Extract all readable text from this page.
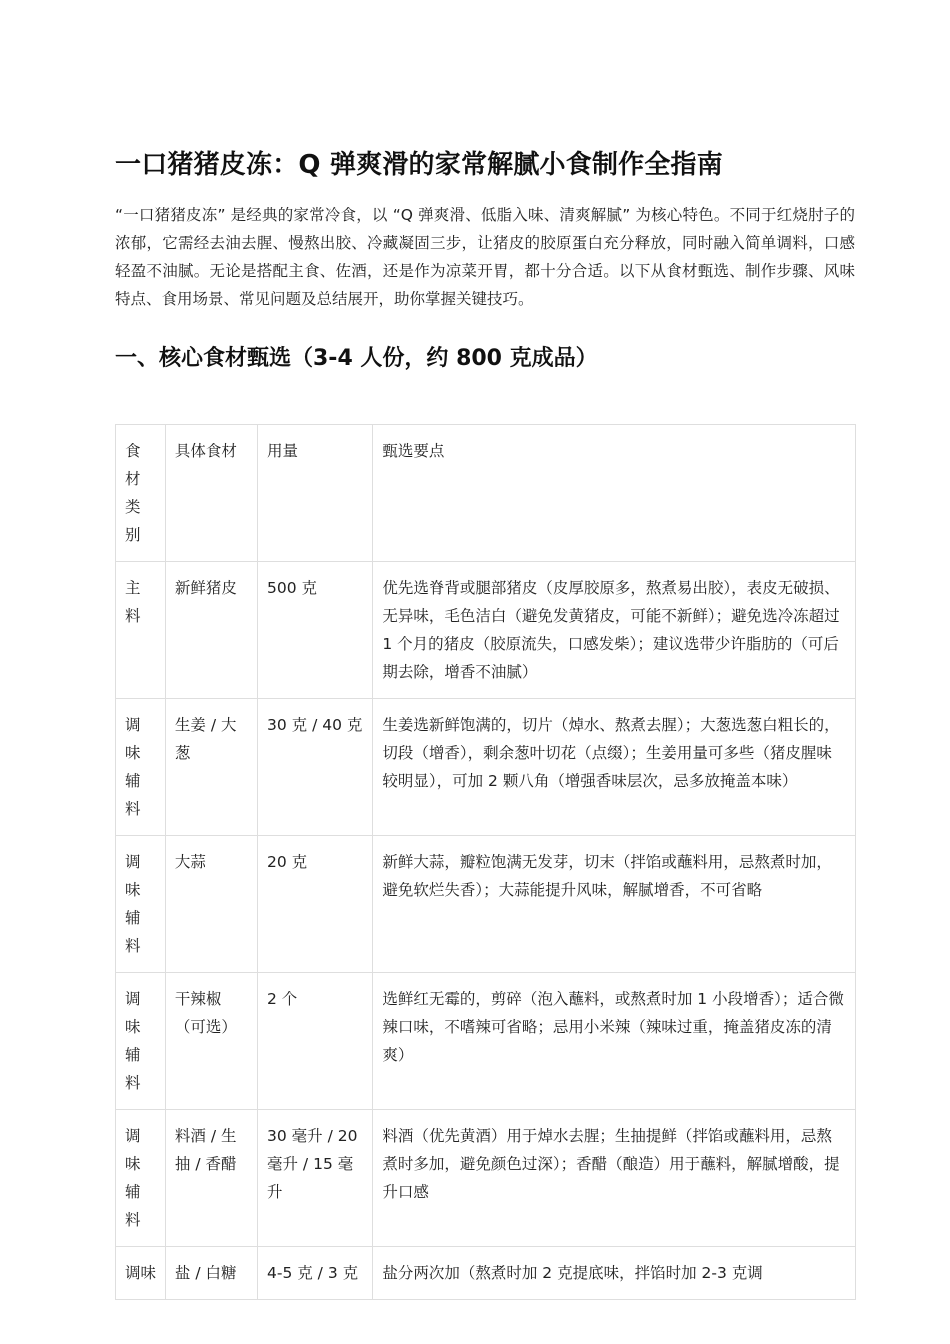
一口猪猪皮冻：Q 弹爽滑的家常解腻小食制作全指南

“一口猪猪皮冻” 是经典的家常冷食，以 “Q 弹爽滑、低脂入味、清爽解腻” 为核心特色。不同于红烧肘子的浓郁，它需经去油去腥、慢熬出胶、冷藏凝固三步，让猪皮的胶原蛋白充分释放，同时融入简单调料，口感轻盈不油腻。无论是搭配主食、佐酒，还是作为凉菜开胃，都十分合适。以下从食材甄选、制作步骤、风味特点、食用场景、常见问题及总结展开，助你掌握关键技巧。

一、核心食材甄选（3-4 人份，约 800 克成品）
食材类别	具体食材	用量	甄选要点
主料	新鲜猪皮	500 克	优先选脊背或腿部猪皮（皮厚胶原多，熬煮易出胶），表皮无破损、无异味，毛色洁白（避免发黄猪皮，可能不新鲜）；避免选冷冻超过 1 个月的猪皮（胶原流失，口感发柴）；建议选带少许脂肪的（可后期去除，增香不油腻）
调味辅料	生姜 / 大葱	30 克 / 40 克	生姜选新鲜饱满的，切片（焯水、熬煮去腥）；大葱选葱白粗长的，切段（增香），剩余葱叶切花（点缀）；生姜用量可多些（猪皮腥味较明显），可加 2 颗八角（增强香味层次，忌多放掩盖本味）
调味辅料	大蒜	20 克	新鲜大蒜，瓣粒饱满无发芽，切末（拌馅或蘸料用，忌熬煮时加，避免软烂失香）；大蒜能提升风味，解腻增香，不可省略
调味辅料	干辣椒（可选）	2 个	选鲜红无霉的，剪碎（泡入蘸料，或熬煮时加 1 小段增香）；适合微辣口味，不嗜辣可省略；忌用小米辣（辣味过重，掩盖猪皮冻的清爽）
调味辅料	料酒 / 生抽 / 香醋	30 毫升 / 20 毫升 / 15 毫升	料酒（优先黄酒）用于焯水去腥；生抽提鲜（拌馅或蘸料用，忌熬煮时多加，避免颜色过深）；香醋（酿造）用于蘸料，解腻增酸，提升口感
调味	盐 / 白糖	4-5 克 / 3 克	盐分两次加（熬煮时加 2 克提底味，拌馅时加 2-3 克调
